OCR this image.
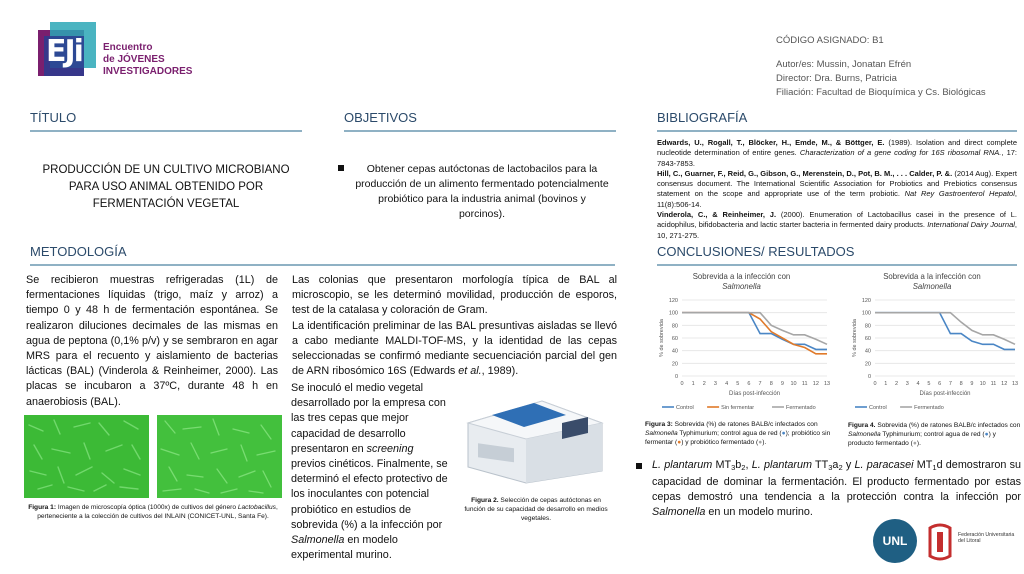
EJi Encuentro
de JÓVENES
INVESTIGADORES
CÓDIGO ASIGNADO: B1
Autor/es: Mussin, Jonatan Efrén
Director: Dra. Burns, Patricia
Filiación: Facultad de Bioquímica y Cs. Biológicas
TÍTULO	OBJETIVOS	BIBLIOGRAFÍA
METODOLOGÍA	CONCLUSIONES/ RESULTADOS
PRODUCCIÓN DE UN CULTIVO MICROBIANO PARA USO ANIMAL OBTENIDO POR FERMENTACIÓN VEGETAL
Obtener cepas autóctonas de lactobacilos para la producción de un alimento fermentado potencialmente probiótico para la industria animal (bovinos y porcinos).

Edwards, U., Rogall, T., Blöcker, H., Emde, M., & Böttger, E. (1989). Isolation and direct complete nucleotide determination of entire genes. Characterization of a gene coding for 16S ribosomal RNA., 17: 7843-7853.

Hill, C., Guarner, F., Reid, G., Gibson, G., Merenstein, D., Pot, B. M., . . . Calder, P. &. (2014 Aug). Expert consensus document. The International Scientific Association for Probiotics and Prebiotics consensus statement on the scope and appropriate use of the term probiotic. Nat Rey Gastroenterol Hepatol, 11(8):506-14.

Vinderola, C., & Reinheimer, J. (2000). Enumeration of Lactobacillus casei in the presence of L. acidophilus, bifidobacteria and lactic starter bacteria in fermented dairy products. International Dairy Journal, 10, 271-275.

Se recibieron muestras refrigeradas (1L) de fermentaciones líquidas (trigo, maíz y arroz) a tiempo 0 y 48 h de fermentación espontánea. Se realizaron diluciones decimales de las mismas en agua de peptona (0,1% p/v) y se sembraron en agar MRS para el recuento y aislamiento de bacterias lácticas (BAL) (Vinderola & Reinheimer, 2000). Las placas se incubaron a 37ºC, durante 48 h en anaerobiosis (BAL).
Las colonias que presentaron morfología típica de BAL al microscopio, se les determinó movilidad, producción de esporos, test de la catalasa y coloración de Gram.
La identificación preliminar de las BAL presuntivas aisladas se llevó a cabo mediante MALDI-TOF-MS, y la identidad de las cepas seleccionadas se confirmó mediante secuenciación parcial del gen de ARN ribosómico 16S (Edwards et al., 1989).
Se inoculó el medio vegetal desarrollado por la empresa con las tres cepas que mejor capacidad de desarrollo presentaron en screening previos cinéticos. Finalmente, se determinó el efecto protectivo de los inoculantes con potencial probiótico en estudios de sobrevida (%) a la infección por Salmonella en modelo experimental murino.
Figura 1: Imagen de microscopía óptica (1000x) de cultivos del género Lactobacillus, perteneciente a la colección de cultivos del INLAIN (CONICET-UNL, Santa Fe).
Figura 2. Selección de cepas autóctonas en función de su capacidad de desarrollo en medios vegetales.
Sobrevida a la infección con
Salmonella
0
20
40
60
80
100
120
0 1 2 3 4 5 6 7 8 9 10 11 12 13
Días post-infección
% de sobrevida
Control	Sin fermentar	Fermentado
Sobrevida a la infección con
Salmonella
0
20
40
60
80
100
120
0 1 2 3 4 5 6 7 8 9 10 11 12 13
Días post-infección
% de sobrevida
Control	Fermentado
Figura 3: Sobrevida (%) de ratones BALB/c infectados con Salmonella Typhimurium; control agua de red (●); probiótico sin fermentar (●) y probiótico fermentado (●).
Figura 4. Sobrevida (%) de ratones BALB/c infectados con Salmonella Typhimurium; control agua de red (●) y producto fermentado (●).
L. plantarum $MT_3b_2$, L. plantarum $TT_3a_2$ y L. paracasei $MT_1d$ demostraron su capacidad de dominar la fermentación. El producto fermentado por estas cepas demostró una tendencia a la protección contra la infección por Salmonella en un modelo murino.
UNL	Federación Universitaria del Litoral
